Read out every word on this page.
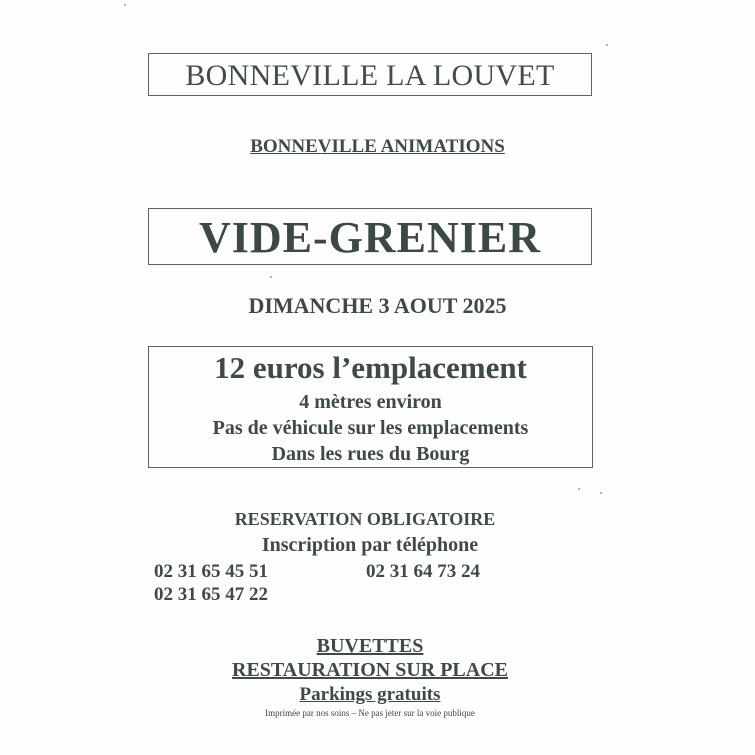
BONNEVILLE LA LOUVET
BONNEVILLE ANIMATIONS
VIDE-GRENIER
DIMANCHE 3 AOUT 2025
12 euros l’emplacement
4 mètres environ
Pas de véhicule sur les emplacements
Dans les rues du Bourg
RESERVATION OBLIGATOIRE
Inscription par téléphone
02 31 65 45 51	02 31 64 73 24
02 31 65 47 22
BUVETTES
RESTAURATION SUR PLACE
Parkings gratuits
Imprimée par nos soins – Ne pas jeter sur la voie publique
